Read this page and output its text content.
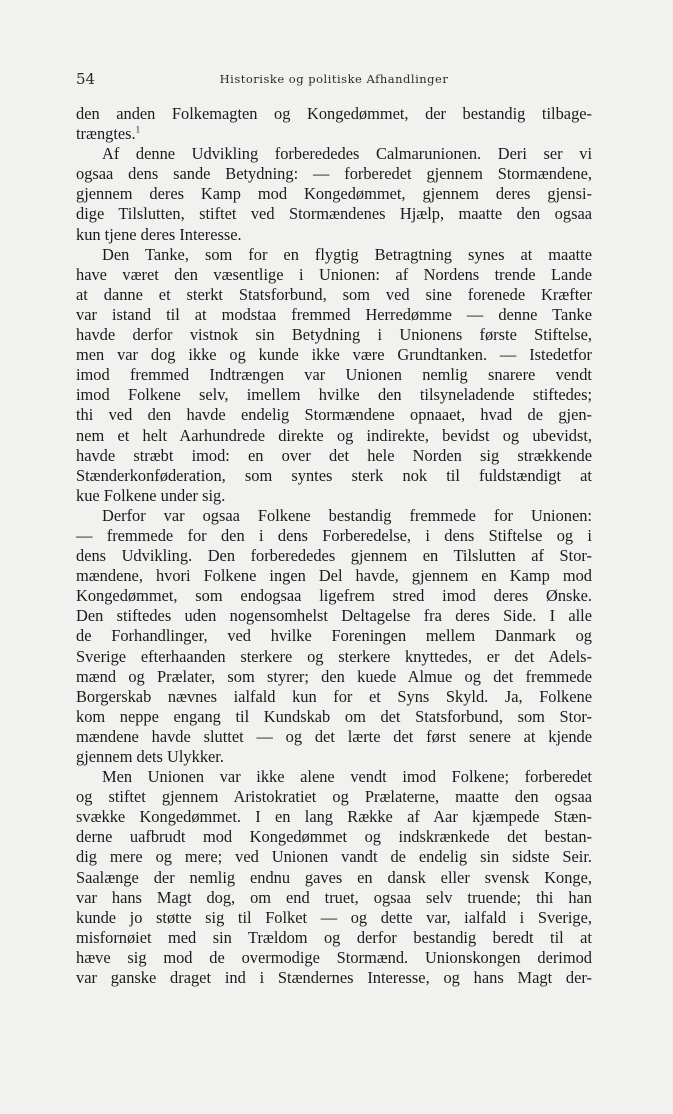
54	Historiske og politiske Afhandlinger
den anden Folkemagten og Kongedømmet, der bestandig tilbage-
trængtes.$^1$
Af denne Udvikling forberededes Calmarunionen. Deri ser vi
ogsaa dens sande Betydning: — forberedet gjennem Stormændene,
gjennem deres Kamp mod Kongedømmet, gjennem deres gjensi-
dige Tilslutten, stiftet ved Stormændenes Hjælp, maatte den ogsaa
kun tjene deres Interesse.
Den Tanke, som for en flygtig Betragtning synes at maatte
have været den væsentlige i Unionen: af Nordens trende Lande
at danne et sterkt Statsforbund, som ved sine forenede Kræfter
var istand til at modstaa fremmed Herredømme — denne Tanke
havde derfor vistnok sin Betydning i Unionens første Stiftelse,
men var dog ikke og kunde ikke være Grundtanken. — Istedetfor
imod fremmed Indtrængen var Unionen nemlig snarere vendt
imod Folkene selv, imellem hvilke den tilsyneladende stiftedes;
thi ved den havde endelig Stormændene opnaaet, hvad de gjen-
nem et helt Aarhundrede direkte og indirekte, bevidst og ubevidst,
havde stræbt imod: en over det hele Norden sig strækkende
Stænderkonføderation, som syntes sterk nok til fuldstændigt at
kue Folkene under sig.
Derfor var ogsaa Folkene bestandig fremmede for Unionen:
— fremmede for den i dens Forberedelse, i dens Stiftelse og i
dens Udvikling. Den forberededes gjennem en Tilslutten af Stor-
mændene, hvori Folkene ingen Del havde, gjennem en Kamp mod
Kongedømmet, som endogsaa ligefrem stred imod deres Ønske.
Den stiftedes uden nogensomhelst Deltagelse fra deres Side. I alle
de Forhandlinger, ved hvilke Foreningen mellem Danmark og
Sverige efterhaanden sterkere og sterkere knyttedes, er det Adels-
mænd og Prælater, som styrer; den kuede Almue og det fremmede
Borgerskab nævnes ialfald kun for et Syns Skyld. Ja, Folkene
kom neppe engang til Kundskab om det Statsforbund, som Stor-
mændene havde sluttet — og det lærte det først senere at kjende
gjennem dets Ulykker.
Men Unionen var ikke alene vendt imod Folkene; forberedet
og stiftet gjennem Aristokratiet og Prælaterne, maatte den ogsaa
svække Kongedømmet. I en lang Række af Aar kjæmpede Stæn-
derne uafbrudt mod Kongedømmet og indskrænkede det bestan-
dig mere og mere; ved Unionen vandt de endelig sin sidste Seir.
Saalænge der nemlig endnu gaves en dansk eller svensk Konge,
var hans Magt dog, om end truet, ogsaa selv truende; thi han
kunde jo støtte sig til Folket — og dette var, ialfald i Sverige,
misfornøiet med sin Trældom og derfor bestandig beredt til at
hæve sig mod de overmodige Stormænd. Unionskongen derimod
var ganske draget ind i Stændernes Interesse, og hans Magt der-
